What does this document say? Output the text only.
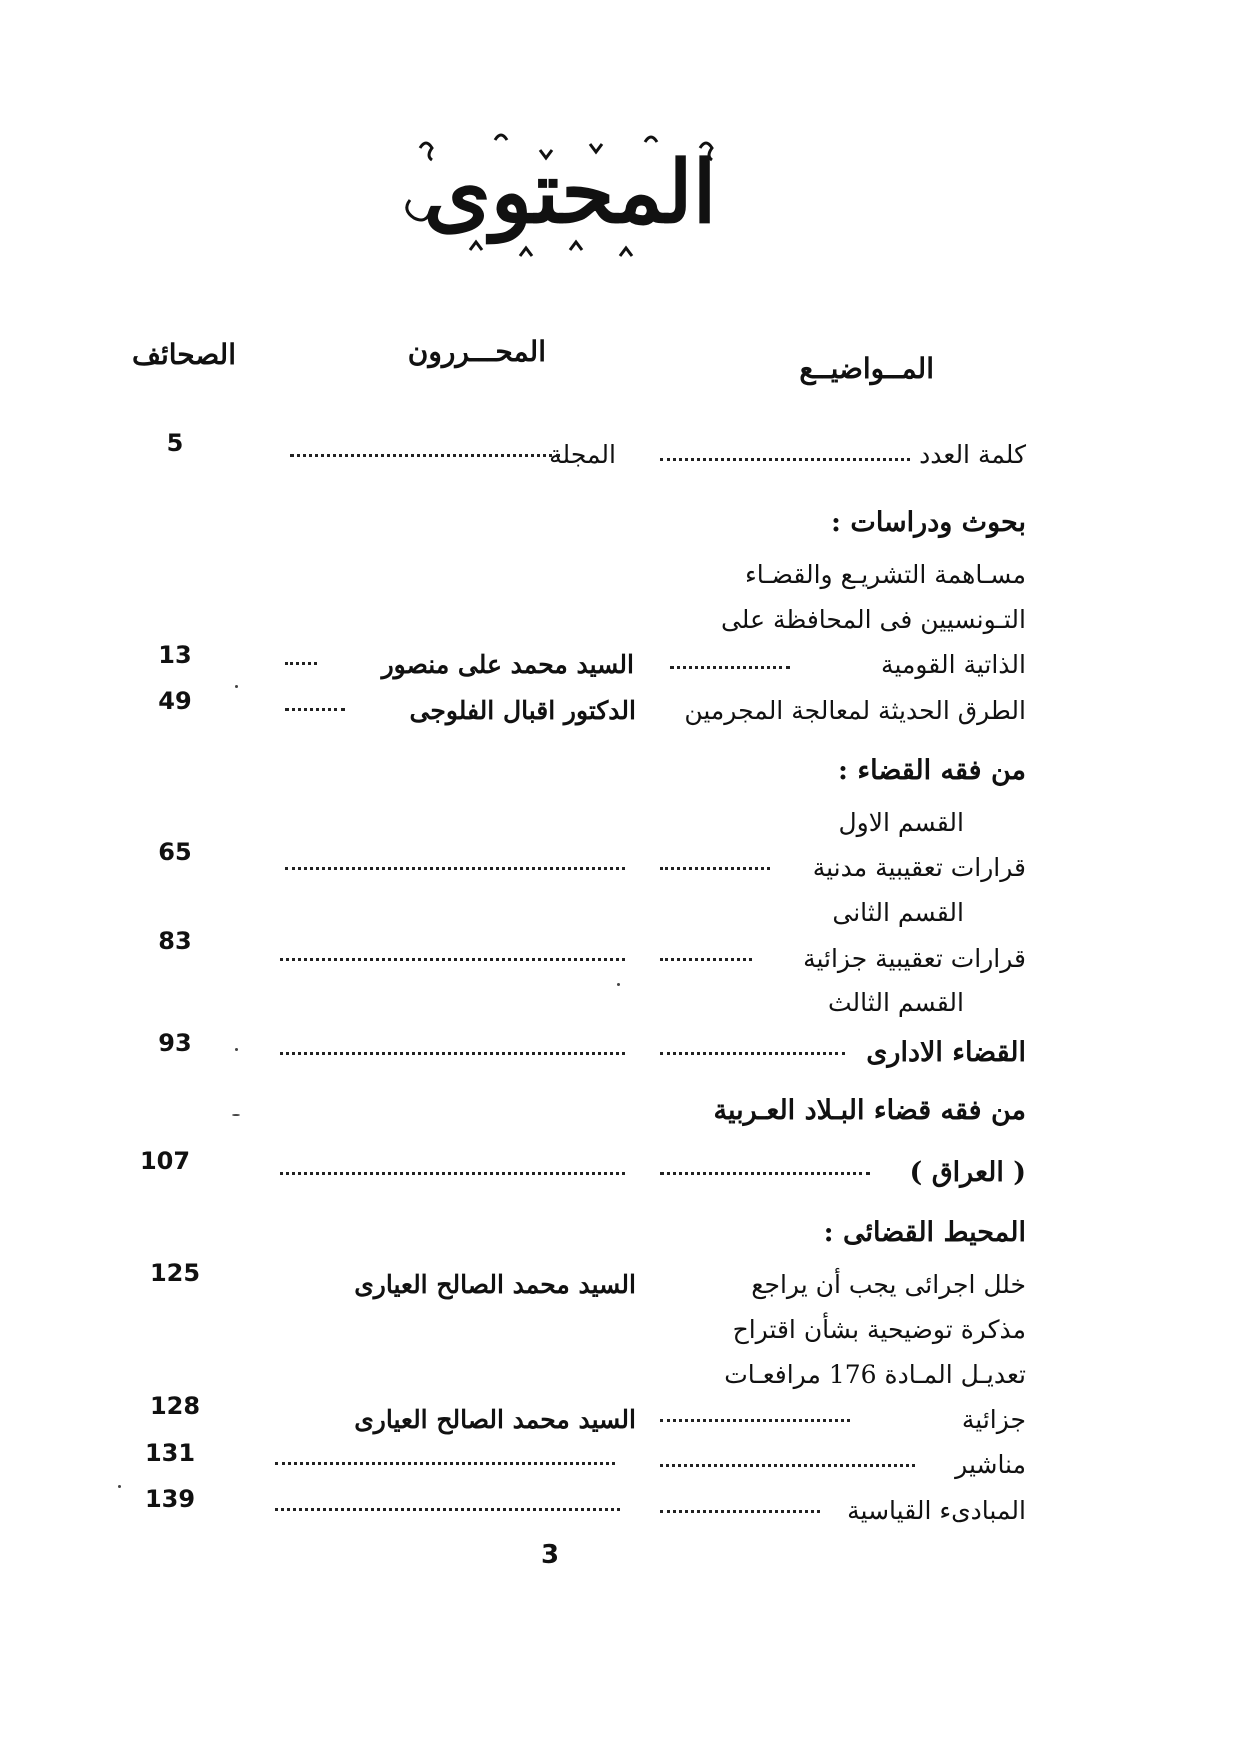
المحتوى
المــواضيــع
المحـــررون
الصحائف
كلمة العدد
المجلة
5
بحوث ودراسات :
مسـاهمة التشريـع والقضـاء
التـونسيين فى المحافظة على
الذاتية القومية
السيد محمد على منصور
13
الطرق الحديثة لمعالجة المجرمين
الدكتور اقبال الفلوجى
49
من فقه القضاء :
القسم الاول
قرارات تعقيبية مدنية
65
القسم الثانى
قرارات تعقيبية جزائية
83
القسم الثالث
القضاء الادارى
93
من فقه قضاء البـلاد العـربية
( العراق )
107
المحيط القضائى :
خلل اجرائى يجب أن يراجع
السيد محمد الصالح العيارى
125
مذكرة توضيحية بشأن اقتراح
تعديـل المـادة 176 مرافعـات
جزائية
السيد محمد الصالح العيارى
128
مناشير
131
المبادىء القياسية
139
3
